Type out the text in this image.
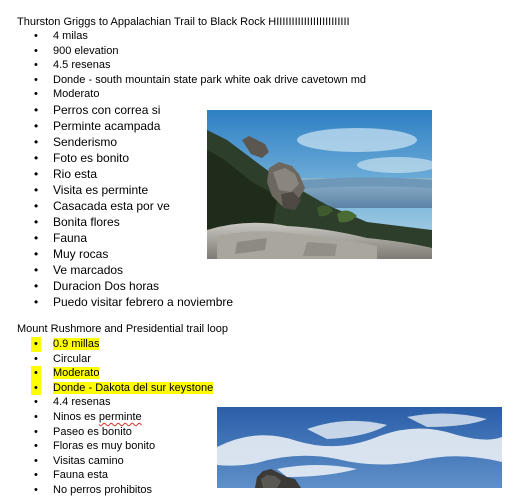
Thurston Griggs to Appalachian Trail to Black Rock HIIIIIIIIIIIIIIIIIIIIIIII
• 4 milas
• 900 elevation
• 4.5 resenas
• Donde - south mountain state park white oak drive cavetown md
• Moderato
• Perros con correa si
• Perminte acampada
• Senderismo
• Foto es bonito
• Rio esta
• Visita es perminte
• Casacada esta por ve
• Bonita flores
• Fauna
• Muy rocas
• Ve marcados
• Duracion Dos horas
• Puedo visitar febrero a noviembre
Mount Rushmore and Presidential trail loop
• 0.9 millas
• Circular
• Moderato
• Donde - Dakota del sur keystone
• 4.4 resenas
• Ninos es perminte
• Paseo es bonito
• Floras es muy bonito
• Visitas camino
• Fauna esta
• No perros prohibitos
